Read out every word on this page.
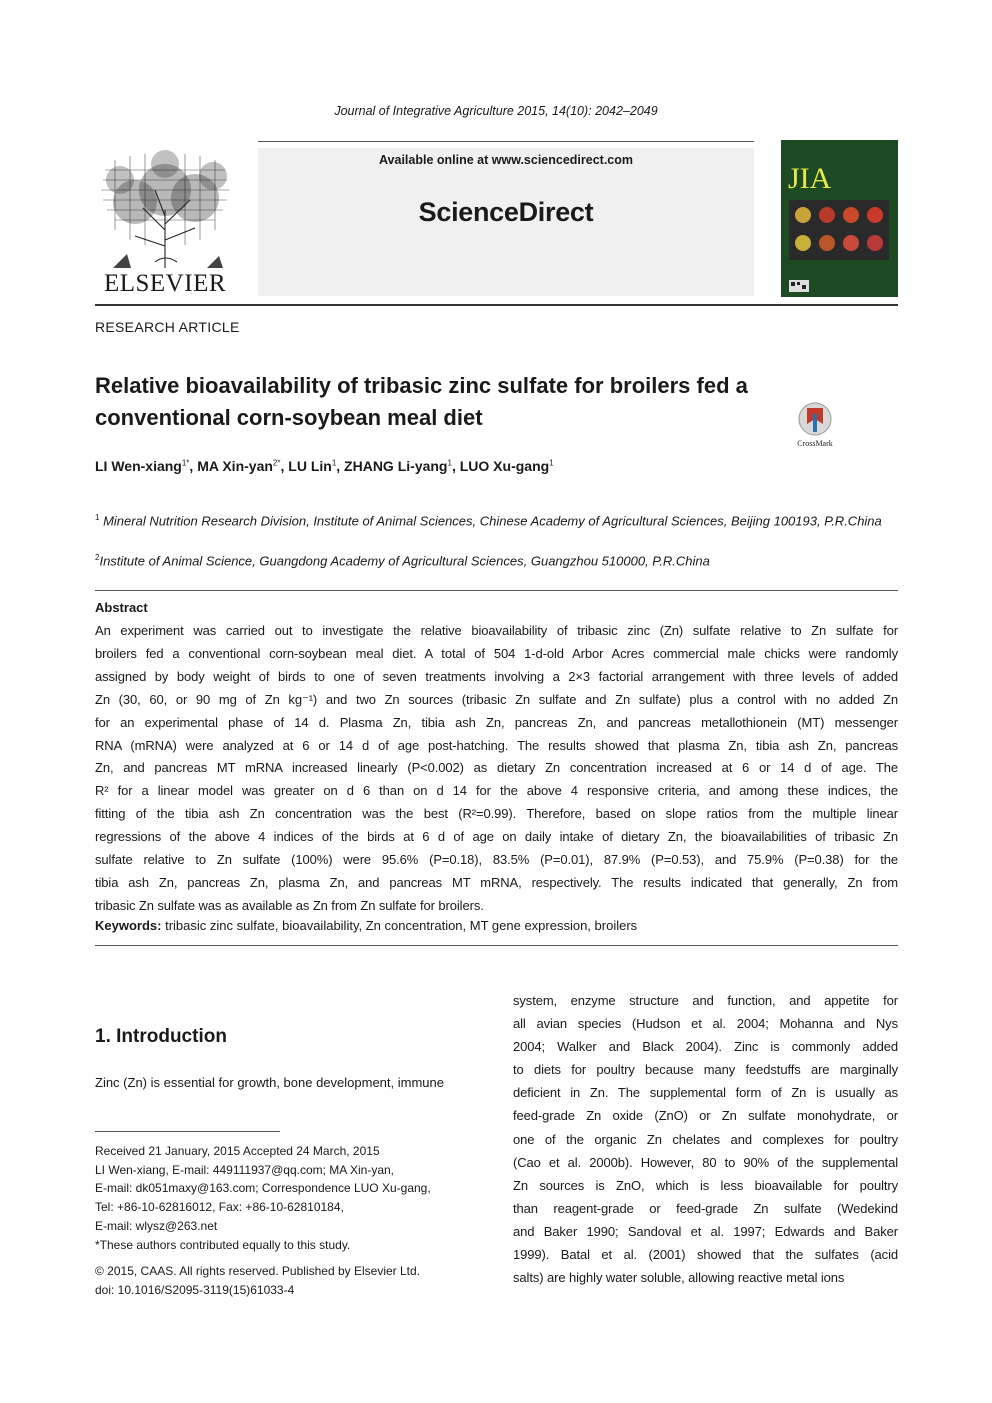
Journal of Integrative Agriculture 2015, 14(10): 2042–2049
ELSEVIER
Available online at www.sciencedirect.com
ScienceDirect
JIA
RESEARCH ARTICLE
Relative bioavailability of tribasic zinc sulfate for broilers fed a conventional corn-soybean meal diet
CrossMark
LI Wen-xiang$^{1*}$, MA Xin-yan$^{2*}$, LU Lin$^1$, ZHANG Li-yang$^1$, LUO Xu-gang$^1$
$^1$ Mineral Nutrition Research Division, Institute of Animal Sciences, Chinese Academy of Agricultural Sciences, Beijing 100193, P.R.China
$^2$Institute of Animal Science, Guangdong Academy of Agricultural Sciences, Guangzhou 510000, P.R.China
Abstract
An experiment was carried out to investigate the relative bioavailability of tribasic zinc (Zn) sulfate relative to Zn sulfate for
broilers fed a conventional corn-soybean meal diet. A total of 504 1-d-old Arbor Acres commercial male chicks were randomly
assigned by body weight of birds to one of seven treatments involving a 2×3 factorial arrangement with three levels of added
Zn (30, 60, or 90 mg of Zn kg⁻¹) and two Zn sources (tribasic Zn sulfate and Zn sulfate) plus a control with no added Zn
for an experimental phase of 14 d. Plasma Zn, tibia ash Zn, pancreas Zn, and pancreas metallothionein (MT) messenger
RNA (mRNA) were analyzed at 6 or 14 d of age post-hatching. The results showed that plasma Zn, tibia ash Zn, pancreas
Zn, and pancreas MT mRNA increased linearly (P<0.002) as dietary Zn concentration increased at 6 or 14 d of age. The
R² for a linear model was greater on d 6 than on d 14 for the above 4 responsive criteria, and among these indices, the
fitting of the tibia ash Zn concentration was the best (R²=0.99). Therefore, based on slope ratios from the multiple linear
regressions of the above 4 indices of the birds at 6 d of age on daily intake of dietary Zn, the bioavailabilities of tribasic Zn
sulfate relative to Zn sulfate (100%) were 95.6% (P=0.18), 83.5% (P=0.01), 87.9% (P=0.53), and 75.9% (P=0.38) for the
tibia ash Zn, pancreas Zn, plasma Zn, and pancreas MT mRNA, respectively. The results indicated that generally, Zn from
tribasic Zn sulfate was as available as Zn from Zn sulfate for broilers.
Keywords: tribasic zinc sulfate, bioavailability, Zn concentration, MT gene expression, broilers
1. Introduction
Zinc (Zn) is essential for growth, bone development, immune
system, enzyme structure and function, and appetite for
all avian species (Hudson et al. 2004; Mohanna and Nys
2004; Walker and Black 2004). Zinc is commonly added
to diets for poultry because many feedstuffs are marginally
deficient in Zn. The supplemental form of Zn is usually as
feed-grade Zn oxide (ZnO) or Zn sulfate monohydrate, or
one of the organic Zn chelates and complexes for poultry
(Cao et al. 2000b). However, 80 to 90% of the supplemental
Zn sources is ZnO, which is less bioavailable for poultry
than reagent-grade or feed-grade Zn sulfate (Wedekind
and Baker 1990; Sandoval et al. 1997; Edwards and Baker
1999). Batal et al. (2001) showed that the sulfates (acid
salts) are highly water soluble, allowing reactive metal ions
Received 21 January, 2015 Accepted 24 March, 2015
LI Wen-xiang, E-mail: 449111937@qq.com; MA Xin-yan,
E-mail: dk051maxy@163.com; Correspondence LUO Xu-gang,
Tel: +86-10-62816012, Fax: +86-10-62810184,
E-mail: wlysz@263.net
*These authors contributed equally to this study.
© 2015, CAAS. All rights reserved. Published by Elsevier Ltd.
doi: 10.1016/S2095-3119(15)61033-4
